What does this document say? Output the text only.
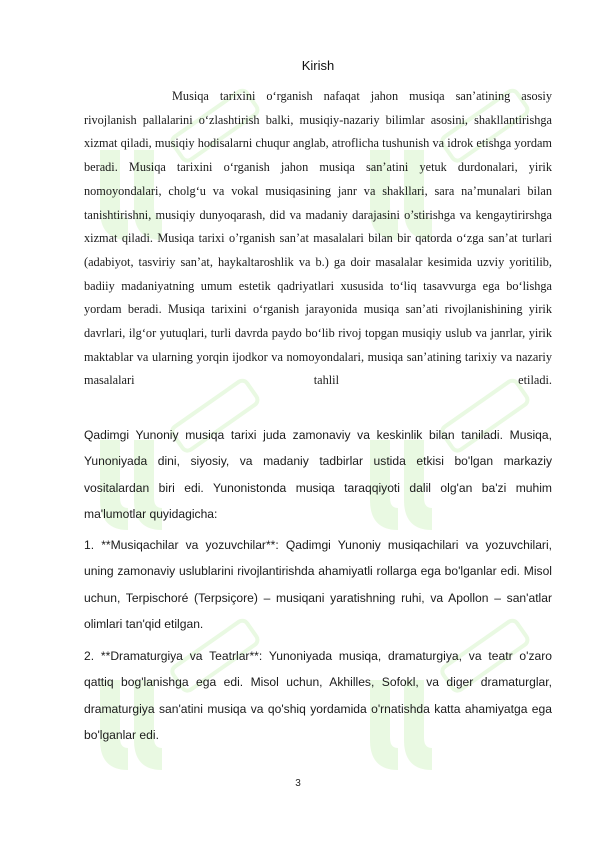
Kirish

Musiqa tarixini o‘rganish nafaqat jahon musiqa san’atining asosiy rivojlanish pallalarini o‘zlashtirish balki, musiqiy-nazariy bilimlar asosini, shakllantirishga xizmat qiladi, musiqiy hodisalarni chuqur anglab, atroflicha tushunish va idrok etishga yordam beradi. Musiqa tarixini o‘rganish jahon musiqa san’atini yetuk durdonalari, yirik nomoyondalari, cholg‘u va vokal musiqasining janr va shakllari, sara na’munalari bilan tanishtirishni, musiqiy dunyoqarash, did va madaniy darajasini o’stirishga va kengaytirirshga xizmat qiladi. Musiqa tarixi o’rganish san’at masalalari bilan bir qatorda o‘zga san’at turlari (adabiyot, tasviriy san’at, haykaltaroshlik va b.) ga doir masalalar kesimida uzviy yoritilib, badiiy madaniyatning umum estetik qadriyatlari xususida to‘liq tasavvurga ega bo‘lishga yordam beradi. Musiqa tarixini o‘rganish jarayonida musiqa san’ati rivojlanishining yirik davrlari, ilg‘or yutuqlari, turli davrda paydo bo‘lib rivoj topgan musiqiy uslub va janrlar, yirik maktablar va ularning yorqin ijodkor va nomoyondalari, musiqa san’atining tarixiy va nazariy masalalari tahlil etiladi.

Qadimgi Yunoniy musiqa tarixi juda zamonaviy va keskinlik bilan taniladi. Musiqa, Yunoniyada dini, siyosiy, va madaniy tadbirlar ustida etkisi bo'lgan markaziy vositalardan biri edi. Yunonistonda musiqa taraqqiyoti dalil olg'an ba'zi muhim ma'lumotlar quyidagicha:

1. **Musiqachilar va yozuvchilar**: Qadimgi Yunoniy musiqachilari va yozuvchilari, uning zamonaviy uslublarini rivojlantirishda ahamiyatli rollarga ega bo'lganlar edi. Misol uchun, Terpischoré (Terpsiçore) – musiqani yaratishning ruhi, va Apollon – san'atlar olimlari tan'qid etilgan.

2. **Dramaturgiya va Teatrlar**: Yunoniyada musiqa, dramaturgiya, va teatr o'zaro qattiq bog'lanishga ega edi. Misol uchun, Akhilles, Sofokl, va diger dramaturglar, dramaturgiya san'atini musiqa va qo'shiq yordamida o'rnatishda katta ahamiyatga ega bo'lganlar edi.

3
